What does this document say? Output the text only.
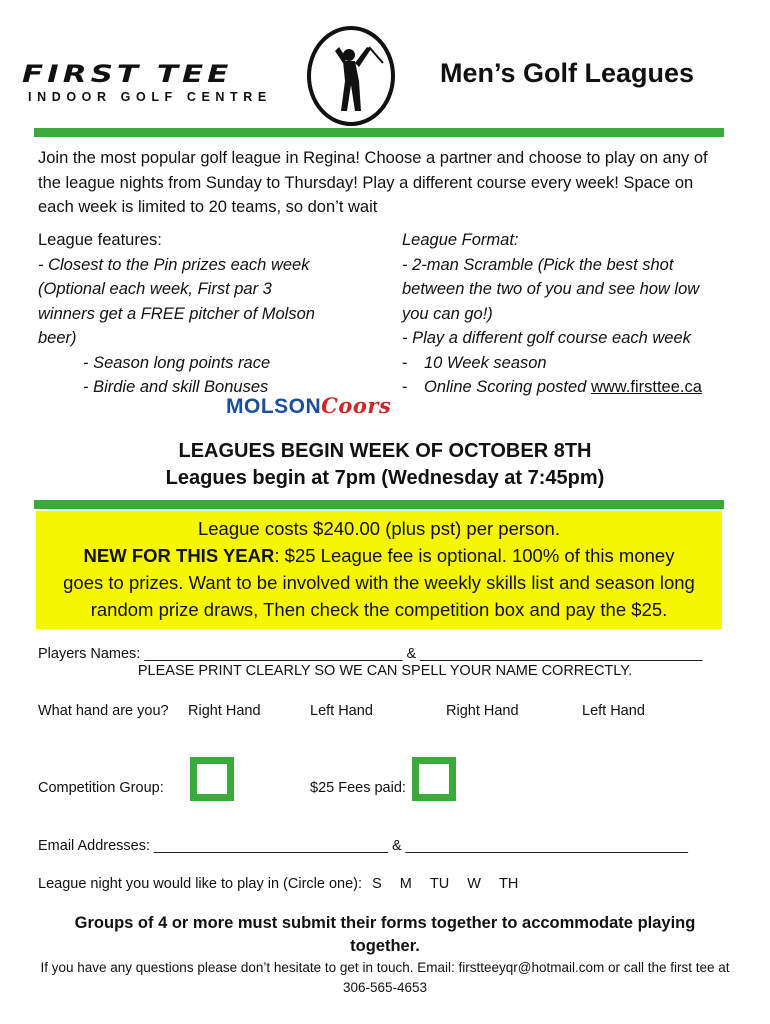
FIRST TEE
INDOOR GOLF CENTRE
Men’s Golf Leagues
Join the most popular golf league in Regina! Choose a partner and choose to play on any of the league nights from Sunday to Thursday! Play a different course every week! Space on each week is limited to 20 teams, so don’t wait
League features:
- Closest to the Pin prizes each week
(Optional each week, First par 3
winners get a FREE pitcher of Molson
beer)
- Season long points race
- Birdie and skill Bonuses
League Format:
- 2-man Scramble (Pick the best shot
between the two of you and see how low
you can go!)
- Play a different golf course each week
- 10 Week season
- Online Scoring posted www.firsttee.ca
MOLSONCoors
LEAGUES BEGIN WEEK OF OCTOBER 8TH
Leagues begin at 7pm (Wednesday at 7:45pm)
League costs $240.00 (plus pst) per person.
NEW FOR THIS YEAR: $25 League fee is optional. 100% of this money
goes to prizes. Want to be involved with the weekly skills list and season long
random prize draws, Then check the competition box and pay the $25.
Players Names: ________________________________ & ___________________________________
PLEASE PRINT CLEARLY SO WE CAN SPELL YOUR NAME CORRECTLY.
What hand are you? Right Hand	Left Hand	Right Hand	Left Hand
Competition Group:	$25 Fees paid:
Email Addresses: _____________________________ & ___________________________________
League night you would like to play in (Circle one): S M TU W TH
Groups of 4 or more must submit their forms together to accommodate playing together.
If you have any questions please don’t hesitate to get in touch. Email: firstteeyqr@hotmail.com or call the first tee at 306-565-4653
